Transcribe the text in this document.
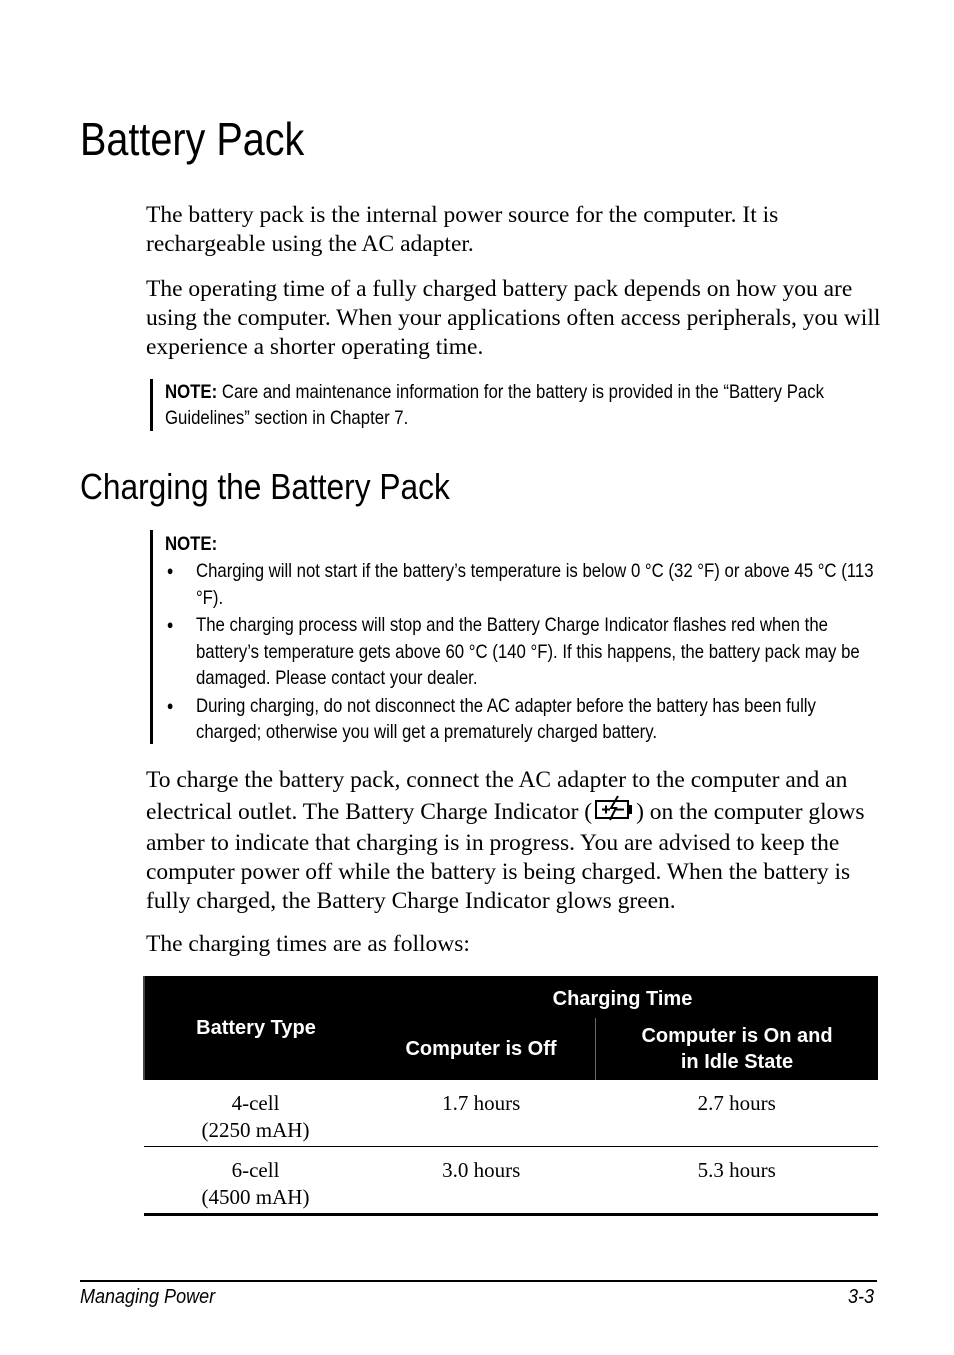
Battery Pack

The battery pack is the internal power source for the computer. It is rechargeable using the AC adapter.

The operating time of a fully charged battery pack depends on how you are using the computer. When your applications often access peripherals, you will experience a shorter operating time.

NOTE: Care and maintenance information for the battery is provided in the “Battery Pack Guidelines” section in Chapter 7.

Charging the Battery Pack
NOTE:
● Charging will not start if the battery’s temperature is below 0 °C (32 °F) or above 45 °C (113 °F).
● The charging process will stop and the Battery Charge Indicator flashes red when the battery’s temperature gets above 60 °C (140 °F). If this happens, the battery pack may be damaged. Please contact your dealer.
● During charging, do not disconnect the AC adapter before the battery has been fully charged; otherwise you will get a prematurely charged battery.

To charge the battery pack, connect the AC adapter to the computer and an electrical outlet. The Battery Charge Indicator ( ) on the computer glows amber to indicate that charging is in progress. You are advised to keep the computer power off while the battery is being charged. When the battery is fully charged, the Battery Charge Indicator glows green.

The charging times are as follows:

Battery Type	Charging Time	
	Computer is Off	Computer is On and
in Idle State

4-cell
(2250 mAH)	1.7 hours	2.7 hours

6-cell
(4500 mAH)	3.0 hours	5.3 hours
Managing Power	3-3
